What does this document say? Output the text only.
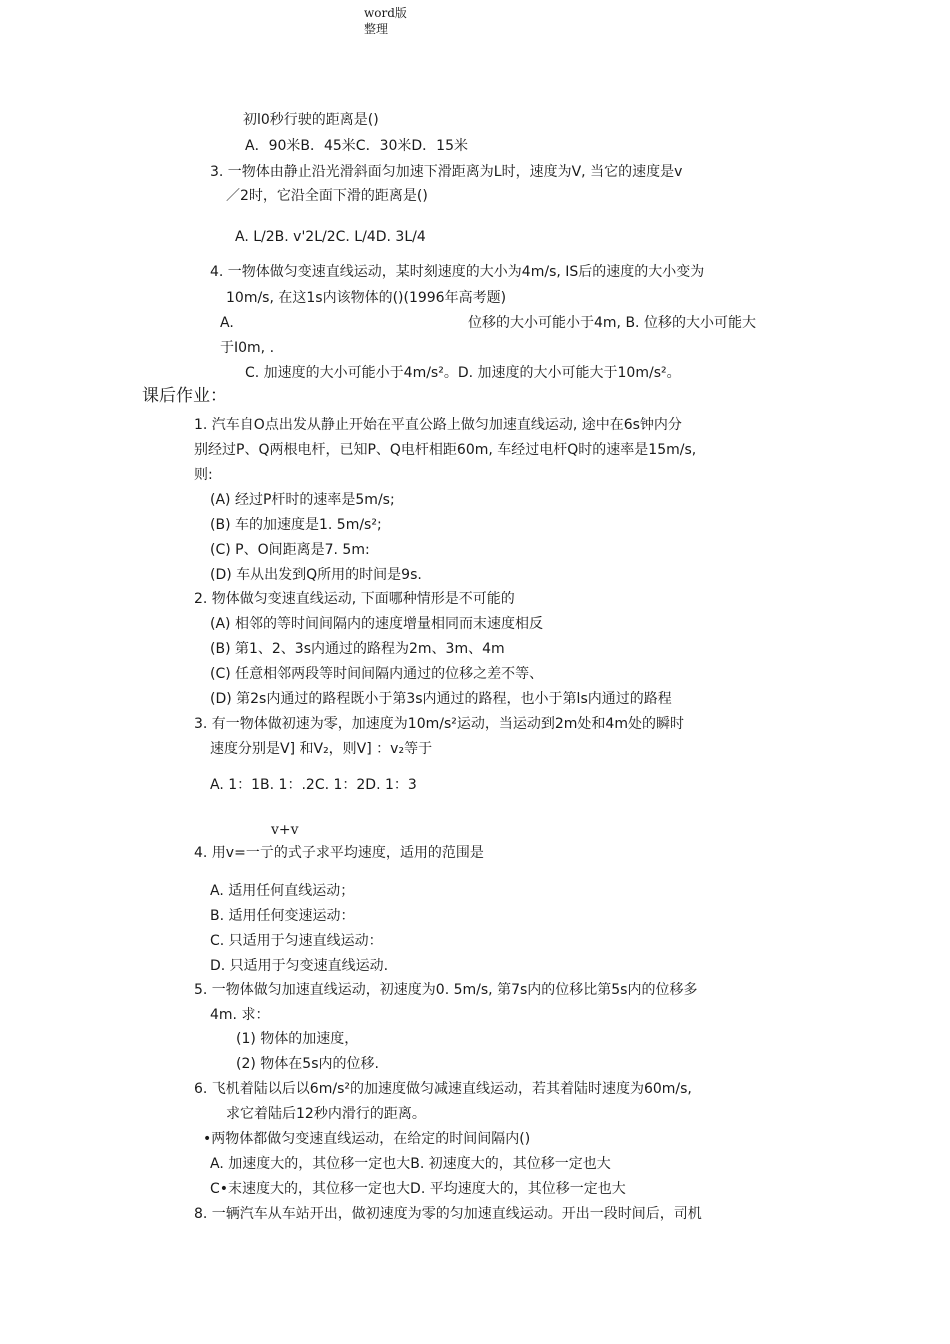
word版
整理
初l0秒行驶的距离是()
A．90米B．45米C．30米D．15米
3. 一物体由静止沿光滑斜面匀加速下滑距离为L时，速度为V, 当它的速度是v
／2时，它沿全面下滑的距离是()
A. L/2B. v'2L/2C. L/4D. 3L/4
4. 一物体做匀变速直线运动，某时刻速度的大小为4m/s, IS后的速度的大小变为
10m/s, 在这1s内该物体的()(1996年高考题)
A.	位移的大小可能小于4m, B. 位移的大小可能大
于I0m, .
C. 加速度的大小可能小于4m/s²。D. 加速度的大小可能大于10m/s²。
课后作业：
1. 汽车自O点出发从静止开始在平直公路上做匀加速直线运动, 途中在6s钟内分
别经过P、Q两根电杆，已知P、Q电杆相距60m, 车经过电杆Q时的速率是15m/s,
则:
(A) 经过P杆时的速率是5m/s;
(B) 车的加速度是1. 5m/s²;
(C) P、O间距离是7. 5m:
(D) 车从出发到Q所用的时间是9s.
2. 物体做匀变速直线运动, 下面哪种情形是不可能的
(A) 相邻的等时间间隔内的速度增量相同而末速度相反
(B) 第1、2、3s内通过的路程为2m、3m、4m
(C) 任意相邻两段等时间间隔内通过的位移之差不等、
(D) 第2s内通过的路程既小于第3s内通过的路程，也小于第ls内通过的路程
3. 有一物体做初速为零，加速度为10m/s²运动，当运动到2m处和4m处的瞬时
速度分别是V] 和V₂，则V] ：v₂等于
A. 1：1B. 1：.2C. 1：2D. 1：3
v+v
4. 用v=一亍的式子求平均速度，适用的范围是
A. 适用任何直线运动；
B. 适用任何变速运动：
C. 只适用于匀速直线运动：
D. 只适用于匀变速直线运动.
5. 一物体做匀加速直线运动，初速度为0. 5m/s, 第7s内的位移比第5s内的位移多
4m. 求：
(1) 物体的加速度，
(2) 物体在5s内的位移.
6. 飞机着陆以后以6m/s²的加速度做匀减速直线运动，若其着陆时速度为60m/s,
求它着陆后12秒内滑行的距离。
•两物体都做匀变速直线运动，在给定的时间间隔内()
A. 加速度大的，其位移一定也大B. 初速度大的，其位移一定也大
C•末速度大的，其位移一定也大D. 平均速度大的，其位移一定也大
8. 一辆汽车从车站开出，做初速度为零的匀加速直线运动。开出一段时间后，司机
